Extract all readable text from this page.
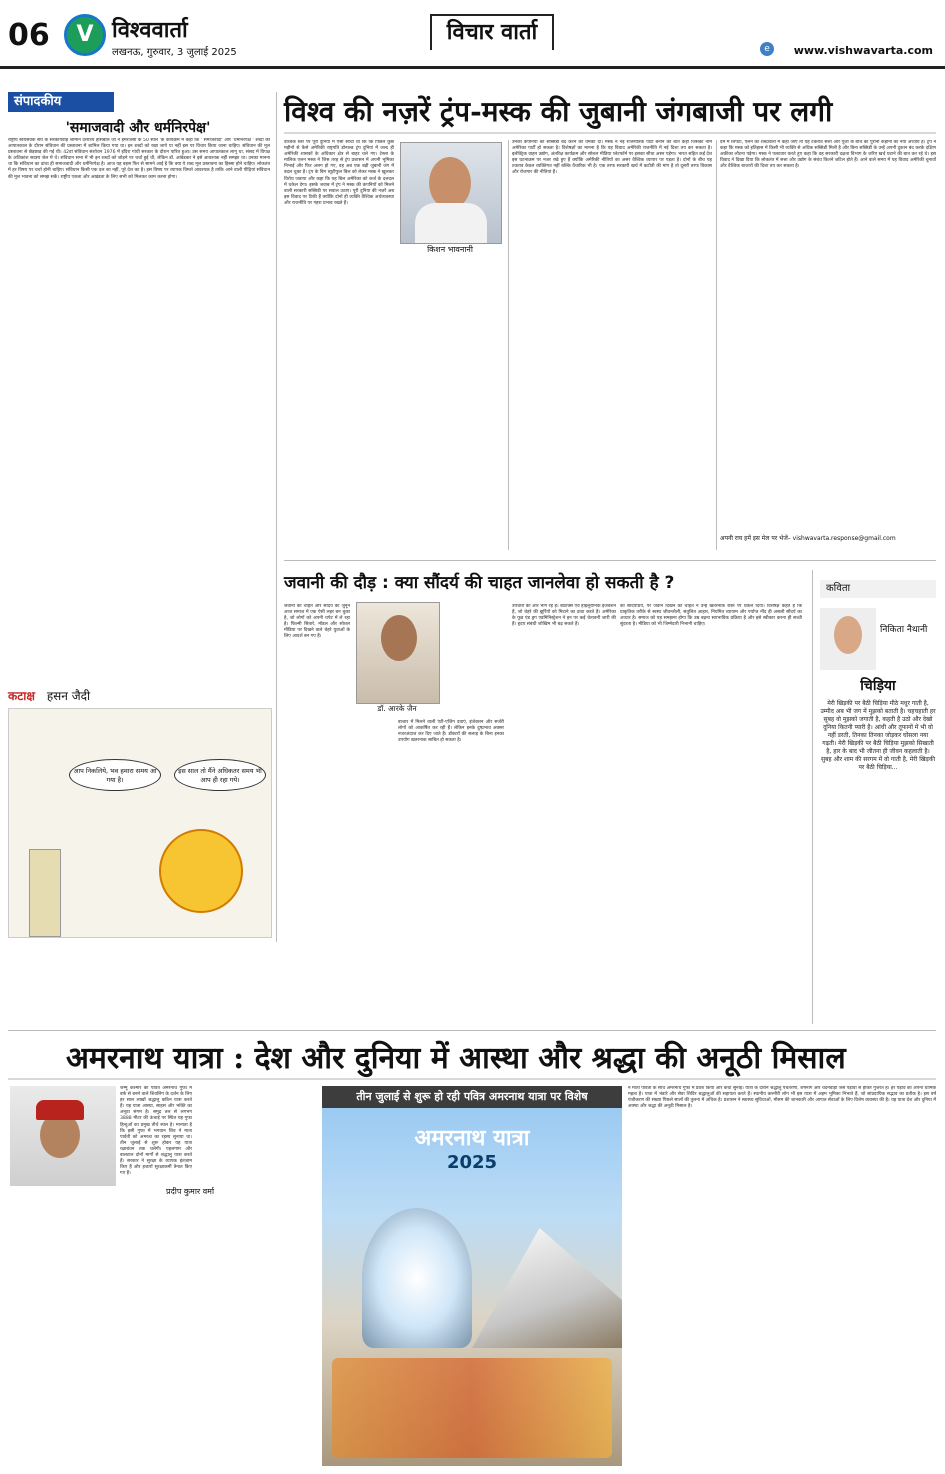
06	V विश्ववार्ता
लखनऊ, गुरुवार, 3 जुलाई 2025
विचार वार्ता
e	www.vishwavarta.com
संपादकीय
'समाजवादी और धर्मनिरपेक्ष'
राष्ट्रीय स्वयंसेवक संघ के सरकार्यवाह श्रीमान दत्तात्रेय होसबाले जी ने इमरजेंसी के 50 साल 'के कार्यक्रम में कहा कि ' समाजवादी' और 'धर्मनिरपेक्ष ' शब्दों को आपातकाल के दौरान संविधान की प्रस्तावना में शामिल किया गया था। इन शब्दों को रखा जाये या नहीं इस पर विचार किया जाना चाहिए। संविधान की मूल प्रस्तावना से छेड़छाड़ की गई थी। 42वां संविधान संशोधन 1976 में इंदिरा गांधी सरकार के दौरान पारित हुआ। उस समय आपातकाल लागू था, संसद में विपक्ष के अधिकांश सदस्य जेल में थे। संविधान सभा में भी इन शब्दों को जोड़ने पर चर्चा हुई थी, लेकिन डॉ. आंबेडकर ने इसे आवश्यक नहीं समझा था। उनका मानना था कि संविधान का ढांचा ही समाजवादी और धर्मनिरपेक्ष है। आज यह बहस फिर से सामने आई है कि क्या ये शब्द मूल प्रस्तावना का हिस्सा होने चाहिए। लोकतंत्र में हर विषय पर चर्चा होनी चाहिए। संविधान किसी एक दल का नहीं, पूरे देश का है। इस विषय पर व्यापक विमर्श आवश्यक है ताकि आने वाली पीढ़ियां संविधान की मूल भावना को समझ सकें। राष्ट्रीय एकता और अखंडता के लिए सभी को मिलकर काम करना होगा।
कटाक्ष हसन जैदी
आप निकलिये, भव हमारा समय आ गया है।
इस साल तो मैंने अधिकतर समय भी आप ही रहा गये।
विश्व की नज़रें ट्रंप-मस्क की जुबानी जंगबाजी पर लगी
वैश्विक स्तर पर पूरी दुनिया में ऐसा सोचा था कि कि पिछले कुछ महीनों से कैसे अमेरिकी राष्ट्रपति डोनाल्ड ट्रंप दुनियां में जल्द ही अमेरिकी शासकों के अधिकार क्षेत्र से बाहर चले गए। टेस्ला के मालिक एलन मस्क ने जिस तरह से ट्रंप प्रशासन में अपनी भूमिका निभाई और फिर अलग हो गए, वह अब एक बड़ी जुबानी जंग में बदल चुका है। ट्रंप के बिग ब्यूटीफुल बिल को लेकर मस्क ने खुलकर विरोध जताया और कहा कि यह बिल अमेरिका को कर्ज के दलदल में धकेल देगा। इसके जवाब में ट्रंप ने मस्क की कंपनियों को मिलने वाली सरकारी सब्सिडी पर सवाल उठाए। पूरी दुनिया की नज़रें अब इस विवाद पर टिकी हैं क्योंकि दोनों ही व्यक्ति वैश्विक अर्थव्यवस्था और राजनीति पर गहरा प्रभाव रखते हैं।
किशन भावनानी
उनकी कंपनियों की सब्सिडी बंद करने की धमकी दी। मस्क ने नई राजनीतिक पार्टी बनाने की बात कही जिसका नाम अमेरिका पार्टी हो सकता है। विशेषज्ञों का मानना है कि यह विवाद अमेरिकी राजनीति में नई दिशा तय कर सकता है। इलेक्ट्रिक वाहन उद्योग, अंतरिक्ष कार्यक्रम और सोशल मीडिया प्लेटफॉर्म पर इसका सीधा असर पड़ेगा। भारत सहित कई देश इस घटनाक्रम पर नजर रखे हुए हैं क्योंकि अमेरिकी नीतियों का असर वैश्विक व्यापार पर पड़ता है। दोनों के बीच यह टकराव केवल व्यक्तिगत नहीं बल्कि वैचारिक भी है। एक तरफ सरकारी खर्च में कटौती की मांग है तो दूसरी तरफ विकास और रोजगार की नीतियां हैं।
दम में लिपटा, एलन की शब्दावली में कहा जाए तो यह टकराव सत्ता और पूंजी के बीच की पुरानी कहानी का नया अध्याय है। ट्रंप ने कहा कि मस्क को इतिहास में किसी भी व्यक्ति से अधिक सब्सिडी मिली है और बिना सब्सिडी के उन्हें अपनी दुकान बंद करके दक्षिण अफ्रीका लौटना पड़ेगा। मस्क ने पलटवार करते हुए कहा कि वह सरकारी दक्षता विभाग के जरिए खर्च घटाने की बात कर रहे थे। इस विवाद ने दिखा दिया कि लोकतंत्र में सत्ता और उद्योग के संबंध कितने जटिल होते हैं। आने वाले समय में यह विवाद अमेरिकी चुनावों और वैश्विक बाजारों की दिशा तय कर सकता है।
अपनी राय हमें इस मेल पर भेजें– vishwavarta.response@gmail.com
जवानी की दौड़ : क्या सौंदर्य की चाहत जानलेवा हो सकती है ?
जवानी की चाहत और सौंदर्य का जुनून आज समाज में एक ऐसी लहर बन चुका है, जो लोगों को अपनी चपेट में ले रहा है। फिल्मी सितारे, मॉडल और सोशल मीडिया पर दिखने वाले चेहरे युवाओं के लिए आदर्श बन गए हैं।
डॉ. आरके जैन
बाजार में मिलने वाली एंटी-एजिंग दवाएं, इंजेक्शन और सर्जरी लोगों को आकर्षित कर रही हैं। लेकिन इनके दुष्प्रभाव अक्सर नजरअंदाज कर दिए जाते हैं। डॉक्टरों की सलाह के बिना इनका उपयोग खतरनाक साबित हो सकता है।
उपचारों की ओर भाग रहे हैं। बोटॉक्स एवं हाइलूरोनिक इंजेक्शन हैं, जो चेहरे की झुर्रियों को मिटाने का दावा करते हैं। अमेरिका के फूड एंड ड्रग एडमिनिस्ट्रेशन ने इन पर कई चेतावनी जारी की हैं। हृदय संबंधी जोखिम भी बढ़ सकते हैं।
की सौंदर्यप्रिय, पर जवान दिखने की चाहत ने उन्हें खतरनाक रास्ते पर धकेल दिया। विशेषज्ञ कहते हैं कि प्राकृतिक तरीके से स्वस्थ जीवनशैली, संतुलित आहार, नियमित व्यायाम और पर्याप्त नींद ही असली सौंदर्य का आधार है। समाज को यह समझना होगा कि उम्र बढ़ना स्वाभाविक प्रक्रिया है और इसे स्वीकार करना ही सच्ची सुंदरता है। मीडिया को भी जिम्मेदारी निभानी चाहिए।
कविता
निकिता नैथानी
चिड़िया
मेरी खिड़की पर बैठी चिड़िया मीठे मधुर गाती है, उम्मीद अब भी जग में मुझको बताती है। चहचहाती हर सुबह वो मुझको जगाती है, कहती है उठो और देखो दुनिया कितनी प्यारी है। आंधी और तूफानों में भी वो नहीं डरती, तिनका तिनका जोड़कर घोंसला नया गढ़ती। मेरी खिड़की पर बैठी चिड़िया मुझको सिखाती है, हार के बाद भी जीतना ही जीवन कहलाती है। सुबह और शाम की सरगम में वो गाती है, मेरी खिड़की पर बैठी चिड़िया...
अमरनाथ यात्रा : देश और दुनिया में आस्था और श्रद्धा की अनूठी मिसाल
जम्मू कश्मीर की पवित्र अमरनाथ गुफा में बर्फ से बनने वाले शिवलिंग के दर्शन के लिए हर साल लाखों श्रद्धालु कठिन यात्रा करते हैं। यह यात्रा आस्था, साहस और भक्ति का अनूठा संगम है। समुद्र तल से लगभग 3888 मीटर की ऊंचाई पर स्थित यह गुफा हिन्दुओं का प्रमुख तीर्थ स्थल है। मान्यता है कि इसी गुफा में भगवान शिव ने माता पार्वती को अमरत्व का रहस्य सुनाया था। तीन जुलाई से शुरू होकर यह यात्रा रक्षाबंधन तक चलेगी। पहलगाम और बालटाल दोनों मार्गों से श्रद्धालु यात्रा करते हैं। सरकार ने सुरक्षा के व्यापक इंतजाम किए हैं और हजारों सुरक्षाकर्मी तैनात किए गए हैं।
प्रदीप कुमार वर्मा
तीन जुलाई से शुरू हो रही पवित्र अमरनाथ यात्रा पर विशेष
अमरनाथ यात्रा
2025
ने माता पार्वती के साथ अमरनाथ गुफा में प्रवेश किया और कथा सुनाई। यात्रा के दौरान श्रद्धालु पंचतरणी, शेषनाग और चंदनवाड़ी जैसे पड़ावों से होकर गुजरते हैं। हर पड़ाव का अपना धार्मिक महत्व है। यात्रा में भंडारे और सेवा शिविर श्रद्धालुओं की सहायता करते हैं। स्थानीय कश्मीरी लोग भी इस यात्रा में अहम भूमिका निभाते हैं, जो सांप्रदायिक सद्भाव का प्रतीक है। इस वर्ष पंजीकरण की संख्या पिछले सालों की तुलना में अधिक है। प्रशासन ने स्वास्थ्य सुविधाओं, मौसम की जानकारी और आपात सेवाओं के लिए विशेष व्यवस्था की है। यह यात्रा देश और दुनिया में आस्था और श्रद्धा की अनूठी मिसाल है।
